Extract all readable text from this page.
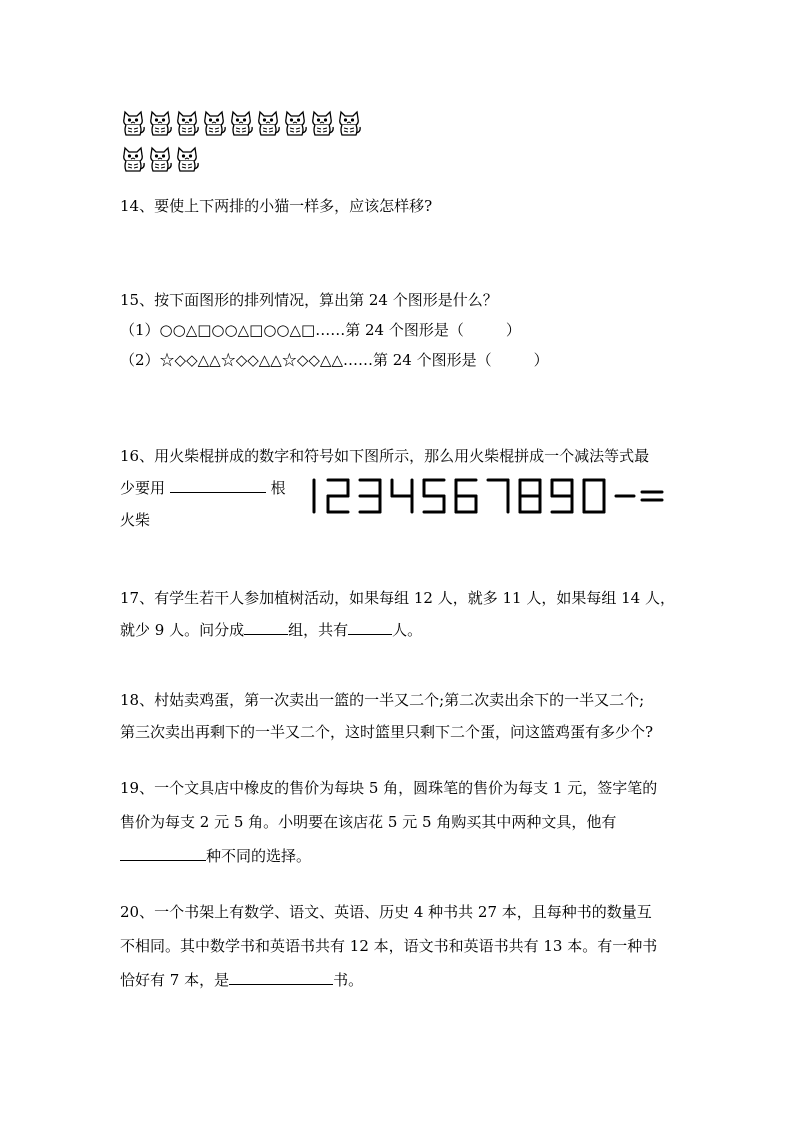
14、要使上下两排的小猫一样多，应该怎样移?
15、按下面图形的排列情况，算出第 24 个图形是什么？
（1）○○△□○○△□○○△□……第 24 个图形是（	）
（2）☆◇◇△△☆◇◇△△☆◇◇△△……第 24 个图形是（	）
16、用火柴棍拼成的数字和符号如下图所示，那么用火柴棍拼成一个减法等式最
少要用	根
火柴
17、有学生若干人参加植树活动，如果每组 12 人，就多 11 人，如果每组 14 人，
就少 9 人。问分成	组，共有	人。
18、村姑卖鸡蛋，第一次卖出一篮的一半又二个;第二次卖出余下的一半又二个;
第三次卖出再剩下的一半又二个，这时篮里只剩下二个蛋，问这篮鸡蛋有多少个?
19、一个文具店中橡皮的售价为每块 5 角，圆珠笔的售价为每支 1 元，签字笔的
售价为每支 2 元 5 角。小明要在该店花 5 元 5 角购买其中两种文具，他有
种不同的选择。
20、一个书架上有数学、语文、英语、历史 4 种书共 27 本，且每种书的数量互
不相同。其中数学书和英语书共有 12 本，语文书和英语书共有 13 本。有一种书
恰好有 7 本，是	书。
